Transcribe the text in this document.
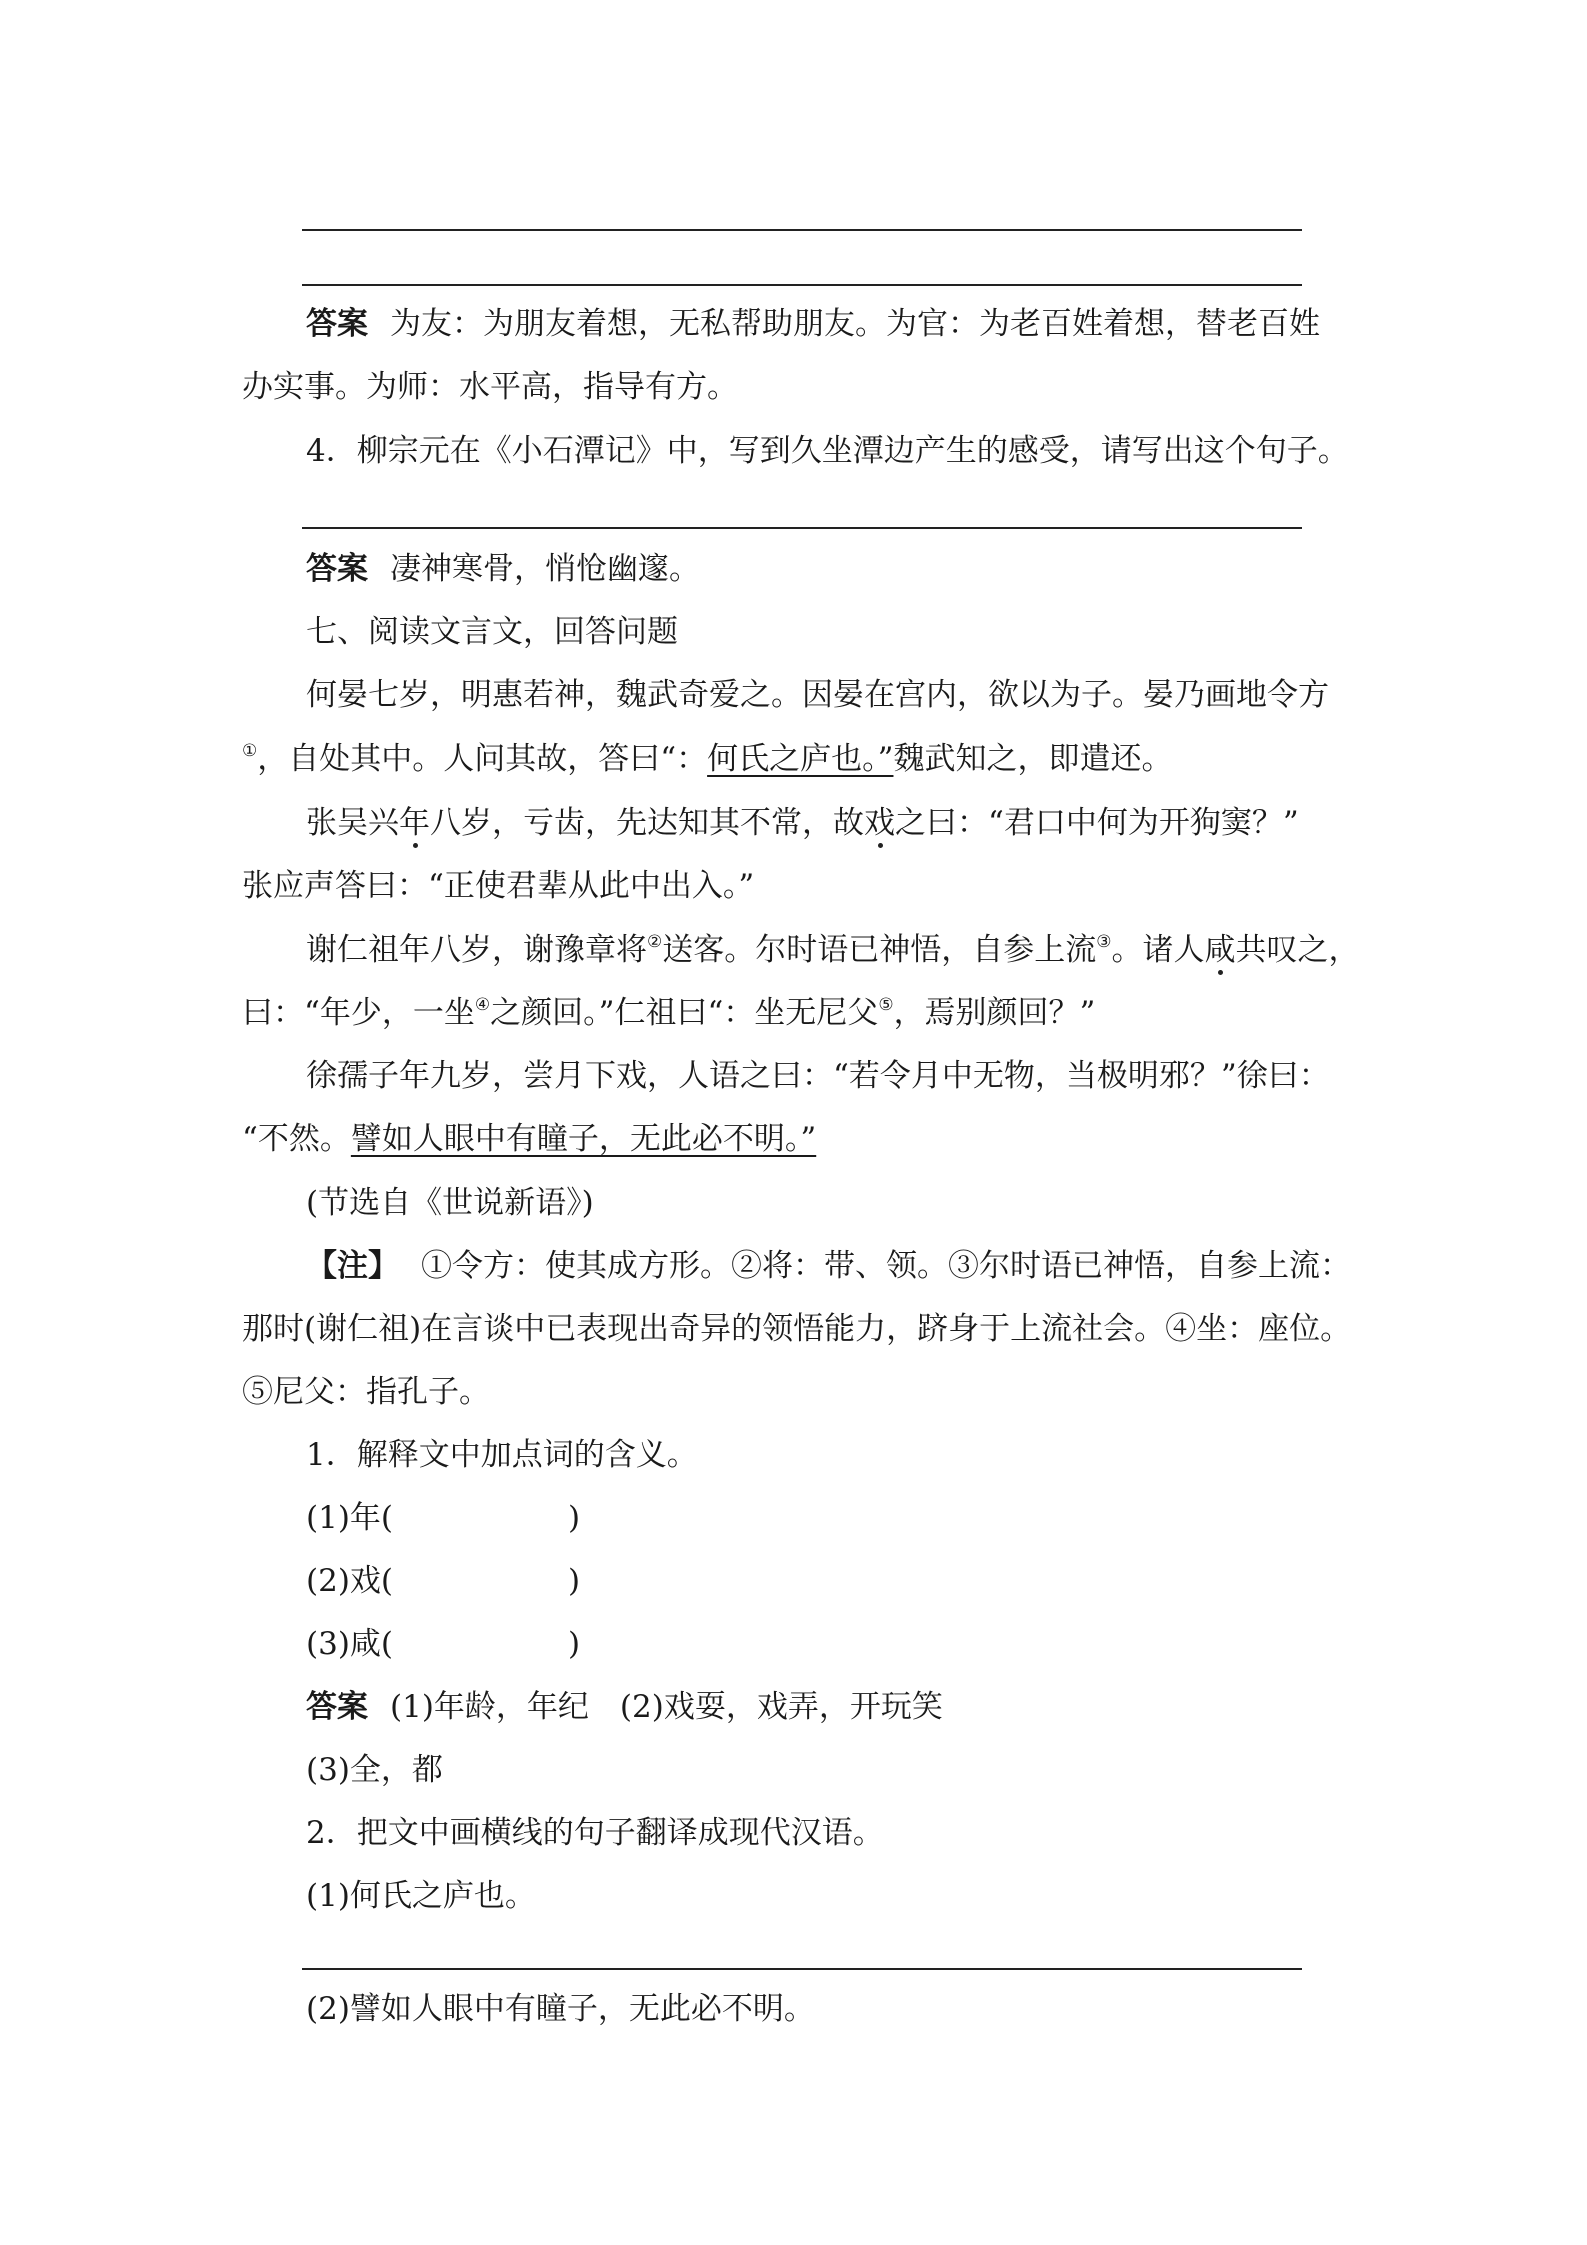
答案 为友：为朋友着想，无私帮助朋友。为官：为老百姓着想，替老百姓
办实事。为师：水平高，指导有方。
4．柳宗元在《小石潭记》中，写到久坐潭边产生的感受，请写出这个句子。
答案 凄神寒骨，悄怆幽邃。
七、阅读文言文，回答问题
何晏七岁，明惠若神，魏武奇爱之。因晏在宫内，欲以为子。晏乃画地令方
①，自处其中。人问其故，答曰“：何氏之庐也。”魏武知之，即遣还。
张吴兴年八岁，亏齿，先达知其不常，故戏之曰：“君口中何为开狗窦？”
张应声答曰：“正使君辈从此中出入。”
谢仁祖年八岁，谢豫章将②送客。尔时语已神悟，自参上流③。诸人咸共叹之，
曰：“年少，一坐④之颜回。”仁祖曰“：坐无尼父⑤，焉别颜回？”
徐孺子年九岁，尝月下戏，人语之曰：“若令月中无物，当极明邪？”徐曰：
“不然。譬如人眼中有瞳子，无此必不明。”
(节选自《世说新语》)
【注】 ①令方：使其成方形。②将：带、领。③尔时语已神悟，自参上流：
那时(谢仁祖)在言谈中已表现出奇异的领悟能力，跻身于上流社会。④坐：座位。
⑤尼父：指孔子。
1．解释文中加点词的含义。
(1)年(	)
(2)戏(	)
(3)咸(	)
答案 (1)年龄，年纪　(2)戏耍，戏弄，开玩笑
(3)全，都
2．把文中画横线的句子翻译成现代汉语。
(1)何氏之庐也。
(2)譬如人眼中有瞳子，无此必不明。
